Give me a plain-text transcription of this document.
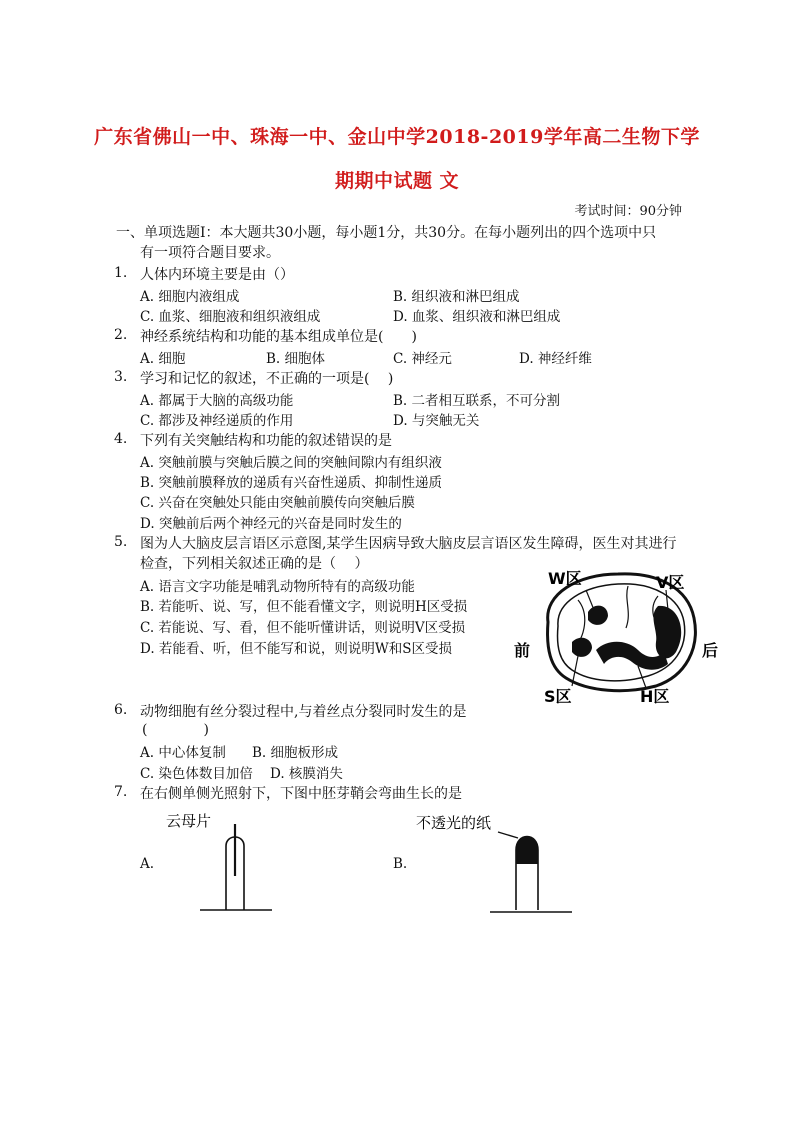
广东省佛山一中、珠海一中、金山中学2018-2019学年高二生物下学
期期中试题 文
考试时间：90分钟
一、单项选题Ⅰ：本大题共30小题，每小题1分，共30分。在每小题列出的四个选项中只
有一项符合题目要求。
1. 人体内环境主要是由（）
A. 细胞内液组成	B. 组织液和淋巴组成
C. 血浆、细胞液和组织液组成	D. 血浆、组织液和淋巴组成
2. 神经系统结构和功能的基本组成单位是(　　)
A. 细胞	B. 细胞体	C. 神经元	D. 神经纤维
3. 学习和记忆的叙述，不正确的一项是(　 )
A. 都属于大脑的高级功能	B. 二者相互联系，不可分割
C. 都涉及神经递质的作用	D. 与突触无关
4. 下列有关突触结构和功能的叙述错误的是
A. 突触前膜与突触后膜之间的突触间隙内有组织液
B. 突触前膜释放的递质有兴奋性递质、抑制性递质
C. 兴奋在突触处只能由突触前膜传向突触后膜
D. 突触前后两个神经元的兴奋是同时发生的
5. 图为人大脑皮层言语区示意图,某学生因病导致大脑皮层言语区发生障碍，医生对其进行
检查，下列相关叙述正确的是（　 ）
A. 语言文字功能是哺乳动物所特有的高级功能
B. 若能听、说、写，但不能看懂文字，则说明H区受损
C. 若能说、写、看，但不能听懂讲话，则说明V区受损
D. 若能看、听，但不能写和说，则说明W和S区受损
W区	V区
前	后
S区	H区
6. 动物细胞有丝分裂过程中,与着丝点分裂同时发生的是
(　　　　)
A. 中心体复制 B. 细胞板形成
C. 染色体数目加倍 D. 核膜消失
7. 在右侧单侧光照射下，下图中胚芽鞘会弯曲生长的是
A.	B.
云母片	不透光的纸
